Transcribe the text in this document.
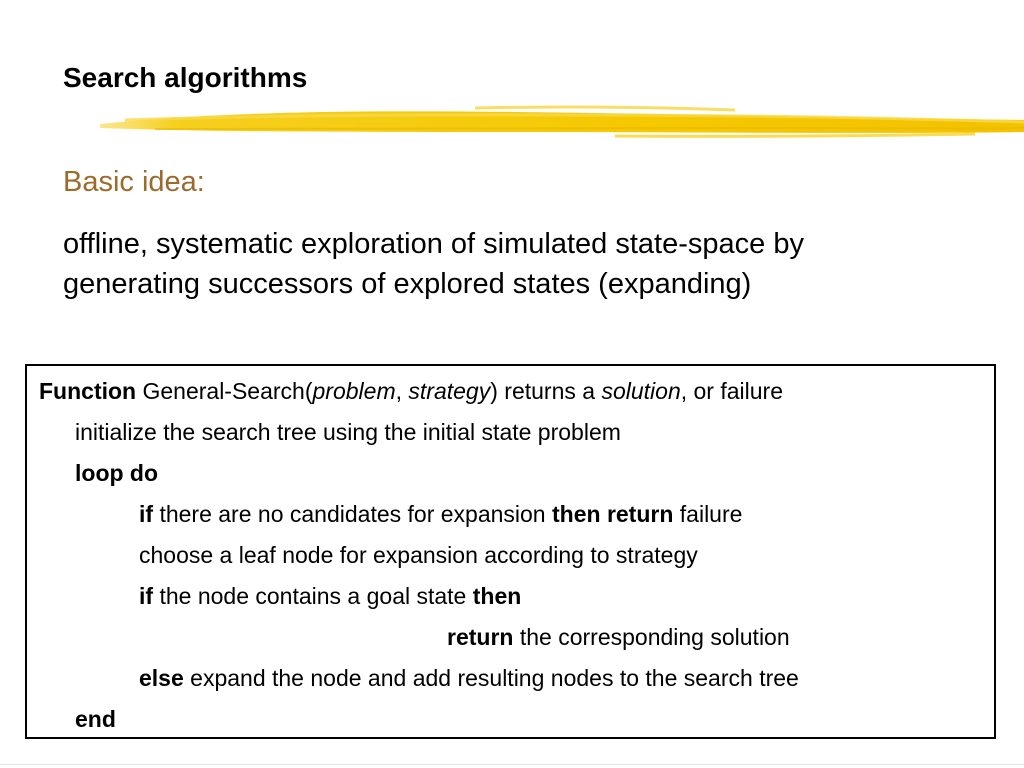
Search algorithms
Basic idea:
offline, systematic exploration of simulated state-space by
generating successors of explored states (expanding)
Function General-Search(problem, strategy) returns a solution, or failure
initialize the search tree using the initial state problem
loop do
if there are no candidates for expansion then return failure
choose a leaf node for expansion according to strategy
if the node contains a goal state then
return the corresponding solution
else expand the node and add resulting nodes to the search tree
end
